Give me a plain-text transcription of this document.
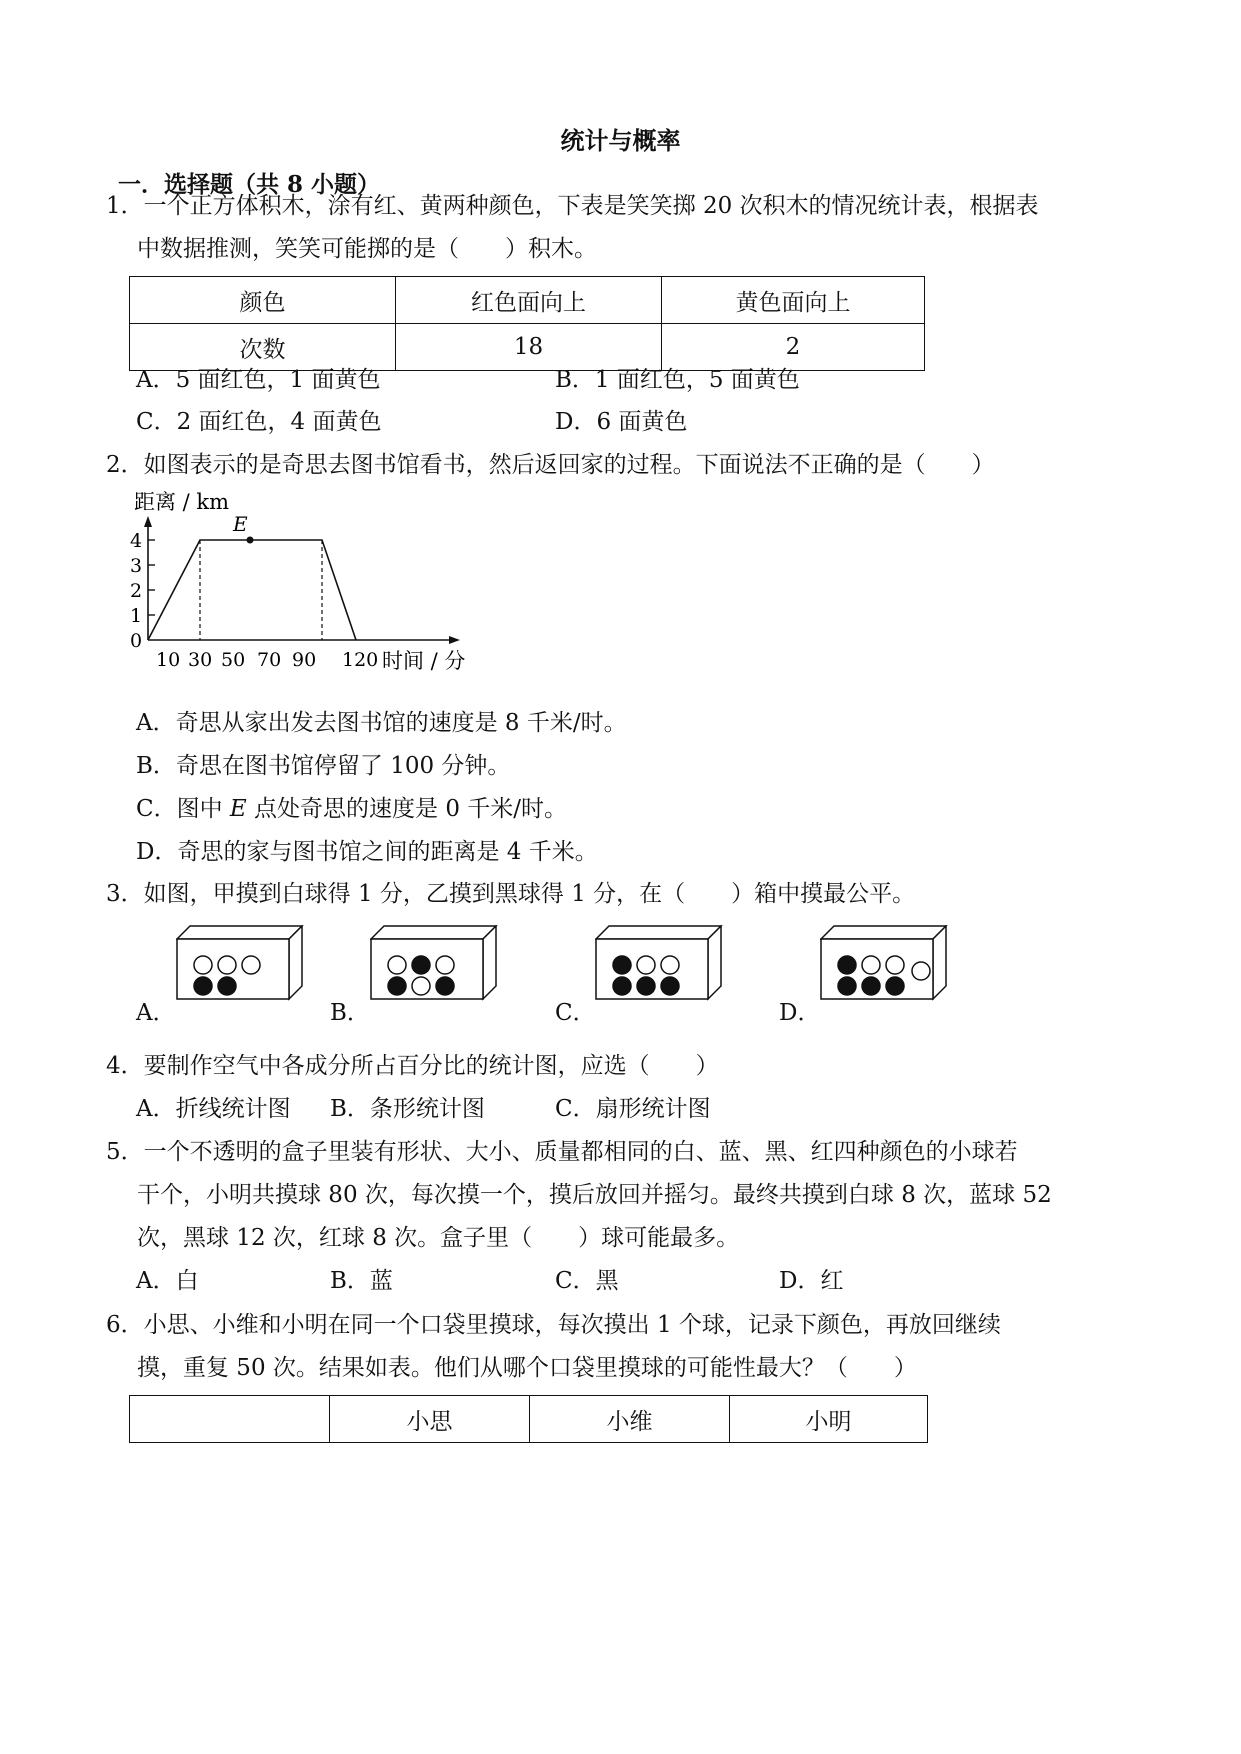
统计与概率
一．选择题（共 8 小题）
1．一个正方体积木，涂有红、黄两种颜色，下表是笑笑掷 20 次积木的情况统计表，根据表
中数据推测，笑笑可能掷的是（　　）积木。
颜色	红色面向上	黄色面向上
次数	18	2
A．5 面红色，1 面黄色	B．1 面红色，5 面黄色
C．2 面红色，4 面黄色	D．6 面黄色
2．如图表示的是奇思去图书馆看书，然后返回家的过程。下面说法不正确的是（　　）
距离 / km
0
1
2
3
4
E
10 30 50 70 90 120 时间 / 分
A．奇思从家出发去图书馆的速度是 8 千米/时。
B．奇思在图书馆停留了 100 分钟。
C．图中 E 点处奇思的速度是 0 千米/时。
D．奇思的家与图书馆之间的距离是 4 千米。
3．如图，甲摸到白球得 1 分，乙摸到黑球得 1 分，在（　　）箱中摸最公平。
A．	B．	C．	D．
4．要制作空气中各成分所占百分比的统计图，应选（　　）
A．折线统计图 B．条形统计图	C．扇形统计图
5．一个不透明的盒子里装有形状、大小、质量都相同的白、蓝、黑、红四种颜色的小球若
干个，小明共摸球 80 次，每次摸一个，摸后放回并摇匀。最终共摸到白球 8 次，蓝球 52
次，黑球 12 次，红球 8 次。盒子里（　　）球可能最多。
A．白	B．蓝	C．黑	D．红
6．小思、小维和小明在同一个口袋里摸球，每次摸出 1 个球，记录下颜色，再放回继续
摸，重复 50 次。结果如表。他们从哪个口袋里摸球的可能性最大？（　　）
	小思	小维	小明
